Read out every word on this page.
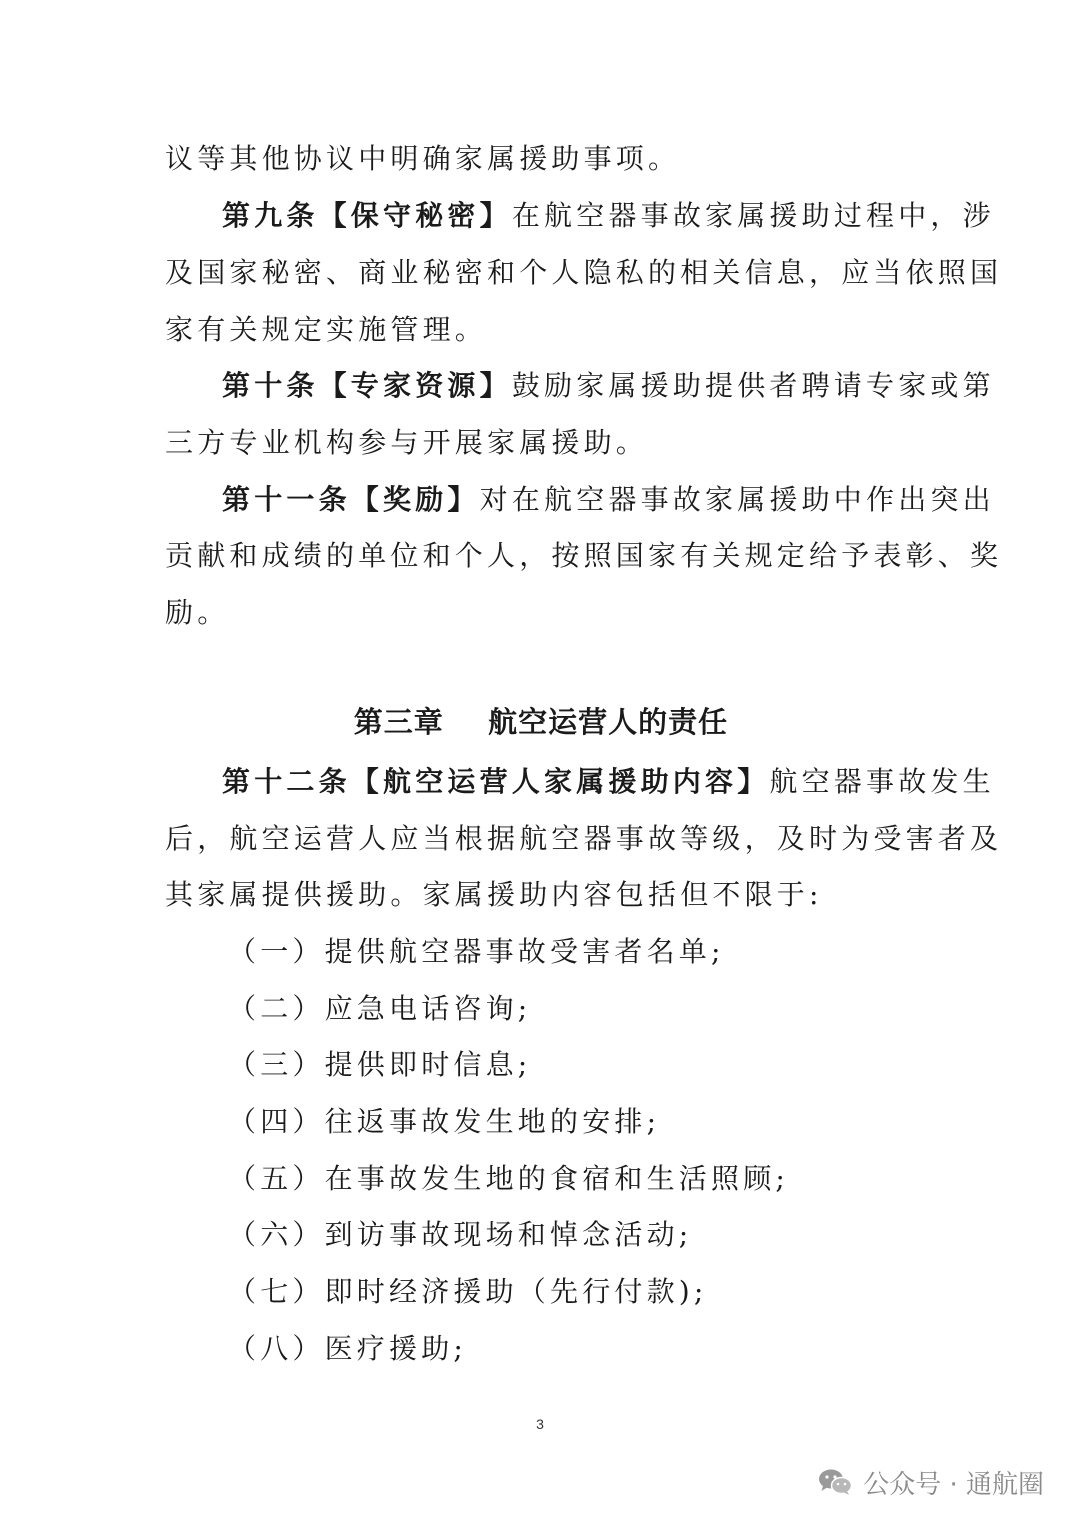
议等其他协议中明确家属援助事项。
第九条【保守秘密】在航空器事故家属援助过程中，涉
及国家秘密、商业秘密和个人隐私的相关信息，应当依照国
家有关规定实施管理。
第十条【专家资源】鼓励家属援助提供者聘请专家或第
三方专业机构参与开展家属援助。
第十一条【奖励】对在航空器事故家属援助中作出突出
贡献和成绩的单位和个人，按照国家有关规定给予表彰、奖
励。
第三章    航空运营人的责任
第十二条【航空运营人家属援助内容】航空器事故发生
后，航空运营人应当根据航空器事故等级，及时为受害者及
其家属提供援助。家属援助内容包括但不限于:
（一）提供航空器事故受害者名单;
（二）应急电话咨询;
（三）提供即时信息;
（四）往返事故发生地的安排;
（五）在事故发生地的食宿和生活照顾;
（六）到访事故现场和悼念活动;
（七）即时经济援助（先行付款);
（八）医疗援助;
3
公众号 · 通航圈
